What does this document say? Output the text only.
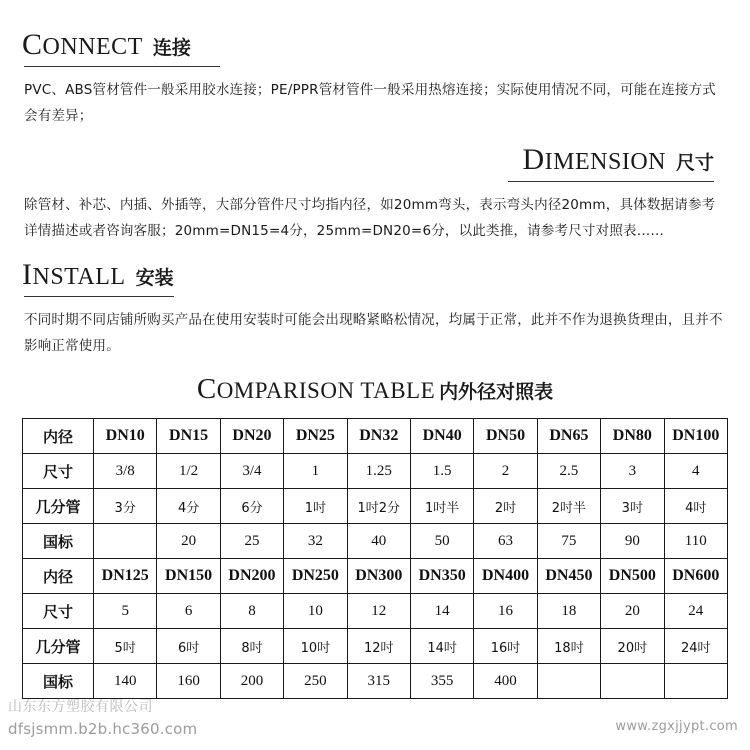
CONNECT 连接
PVC、ABS管材管件一般采用胶水连接；PE/PPR管材管件一般采用热熔连接；实际使用情况不同，可能在连接方式会有差异；
DIMENSION 尺寸
除管材、补芯、内插、外插等，大部分管件尺寸均指内径，如20mm弯头，表示弯头内径20mm，具体数据请参考详情描述或者咨询客服；20mm=DN15=4分，25mm=DN20=6分，以此类推，请参考尺寸对照表……
INSTALL 安装
不同时期不同店铺所购买产品在使用安装时可能会出现略紧略松情况，均属于正常，此并不作为退换货理由，且并不影响正常使用。
COMPARISON TABLE 内外径对照表
内径	DN10	DN15	DN20	DN25	DN32	DN40	DN50	DN65	DN80	DN100
尺寸	3/8	1/2	3/4	1	1.25	1.5	2	2.5	3	4
几分管	3分	4分	6分	1吋	1吋2分	1吋半	2吋	2吋半	3吋	4吋
国标		20	25	32	40	50	63	75	90	110
内径	DN125	DN150	DN200	DN250	DN300	DN350	DN400	DN450	DN500	DN600
尺寸	5	6	8	10	12	14	16	18	20	24
几分管	5吋	6吋	8吋	10吋	12吋	14吋	16吋	18吋	20吋	24吋
国标	140	160	200	250	315	355	400			
山东东方塑胶有限公司
dfsjsmm.b2b.hc360.com	www.zgxjjypt.com
